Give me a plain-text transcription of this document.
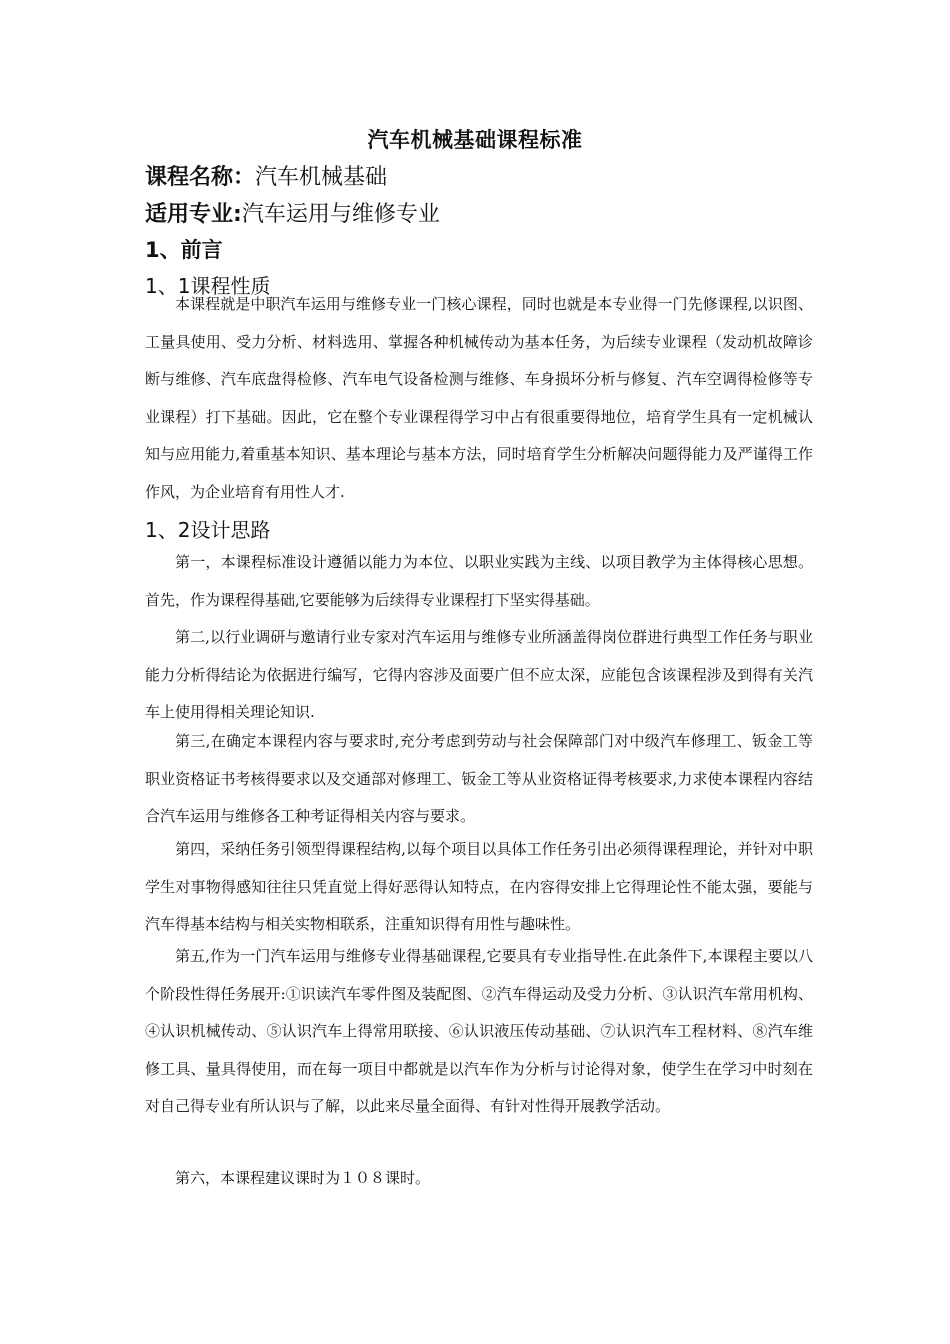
汽车机械基础课程标准
课程名称：汽车机械基础
适用专业:汽车运用与维修专业
1、前言
1、1课程性质
本课程就是中职汽车运用与维修专业一门核心课程，同时也就是本专业得一门先修课程,以识图、工量具使用、受力分析、材料选用、掌握各种机械传动为基本任务，为后续专业课程（发动机故障诊断与维修、汽车底盘得检修、汽车电气设备检测与维修、车身损坏分析与修复、汽车空调得检修等专业课程）打下基础。因此，它在整个专业课程得学习中占有很重要得地位，培育学生具有一定机械认知与应用能力,着重基本知识、基本理论与基本方法，同时培育学生分析解决问题得能力及严谨得工作作风，为企业培育有用性人才.
1、2设计思路
第一，本课程标准设计遵循以能力为本位、以职业实践为主线、以项目教学为主体得核心思想。首先，作为课程得基础,它要能够为后续得专业课程打下坚实得基础。
第二,以行业调研与邀请行业专家对汽车运用与维修专业所涵盖得岗位群进行典型工作任务与职业能力分析得结论为依据进行编写，它得内容涉及面要广但不应太深，应能包含该课程涉及到得有关汽车上使用得相关理论知识.
第三,在确定本课程内容与要求时,充分考虑到劳动与社会保障部门对中级汽车修理工、钣金工等职业资格证书考核得要求以及交通部对修理工、钣金工等从业资格证得考核要求,力求使本课程内容结合汽车运用与维修各工种考证得相关内容与要求。
第四，采纳任务引领型得课程结构,以每个项目以具体工作任务引出必须得课程理论，并针对中职学生对事物得感知往往只凭直觉上得好恶得认知特点，在内容得安排上它得理论性不能太强，要能与汽车得基本结构与相关实物相联系，注重知识得有用性与趣味性。
第五,作为一门汽车运用与维修专业得基础课程,它要具有专业指导性.在此条件下,本课程主要以八个阶段性得任务展开:①识读汽车零件图及装配图、②汽车得运动及受力分析、③认识汽车常用机构、④认识机械传动、⑤认识汽车上得常用联接、⑥认识液压传动基础、⑦认识汽车工程材料、⑧汽车维修工具、量具得使用，而在每一项目中都就是以汽车作为分析与讨论得对象，使学生在学习中时刻在对自己得专业有所认识与了解，以此来尽量全面得、有针对性得开展教学活动。
第六，本课程建议课时为１０８课时。
